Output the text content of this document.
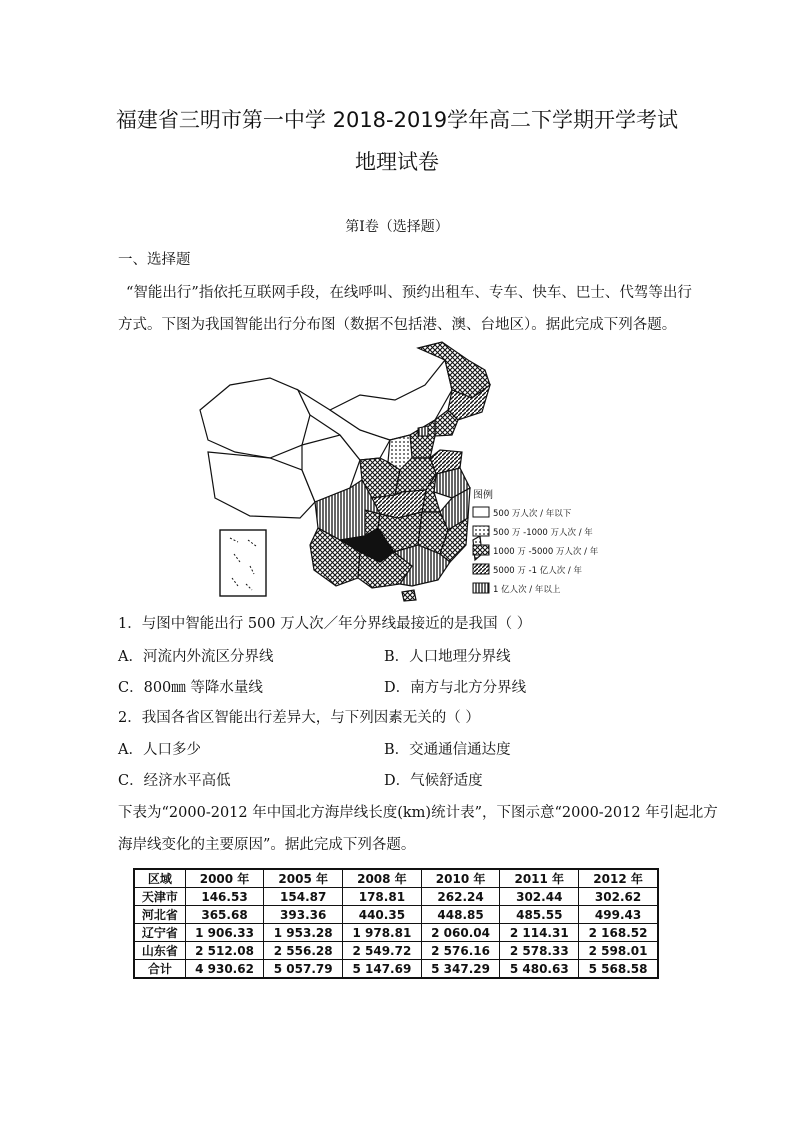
福建省三明市第一中学 2018-2019学年高二下学期开学考试
地理试卷
第Ⅰ卷（选择题）
一、选择题
“智能出行”指依托互联网手段，在线呼叫、预约出租车、专车、快车、巴士、代驾等出行
方式。下图为我国智能出行分布图（数据不包括港、澳、台地区）。据此完成下列各题。
图例
500 万人次 / 年以下
500 万 -1000 万人次 / 年
1000 万 -5000 万人次 / 年
5000 万 -1 亿人次 / 年
1 亿人次 / 年以上
1．与图中智能出行 500 万人次／年分界线最接近的是我国（ ）
A．河流内外流区分界线	B．人口地理分界线
C．800㎜ 等降水量线	D．南方与北方分界线
2．我国各省区智能出行差异大，与下列因素无关的（ ）
A．人口多少	B．交通通信通达度
C．经济水平高低	D．气候舒适度
下表为“2000-2012 年中国北方海岸线长度(km)统计表”，下图示意“2000-2012 年引起北方
海岸线变化的主要原因”。据此完成下列各题。
区域	2000 年	2005 年	2008 年	2010 年	2011 年	2012 年
天津市	146.53	154.87	178.81	262.24	302.44	302.62
河北省	365.68	393.36	440.35	448.85	485.55	499.43
辽宁省	1 906.33	1 953.28	1 978.81	2 060.04	2 114.31	2 168.52
山东省	2 512.08	2 556.28	2 549.72	2 576.16	2 578.33	2 598.01
合计	4 930.62	5 057.79	5 147.69	5 347.29	5 480.63	5 568.58
